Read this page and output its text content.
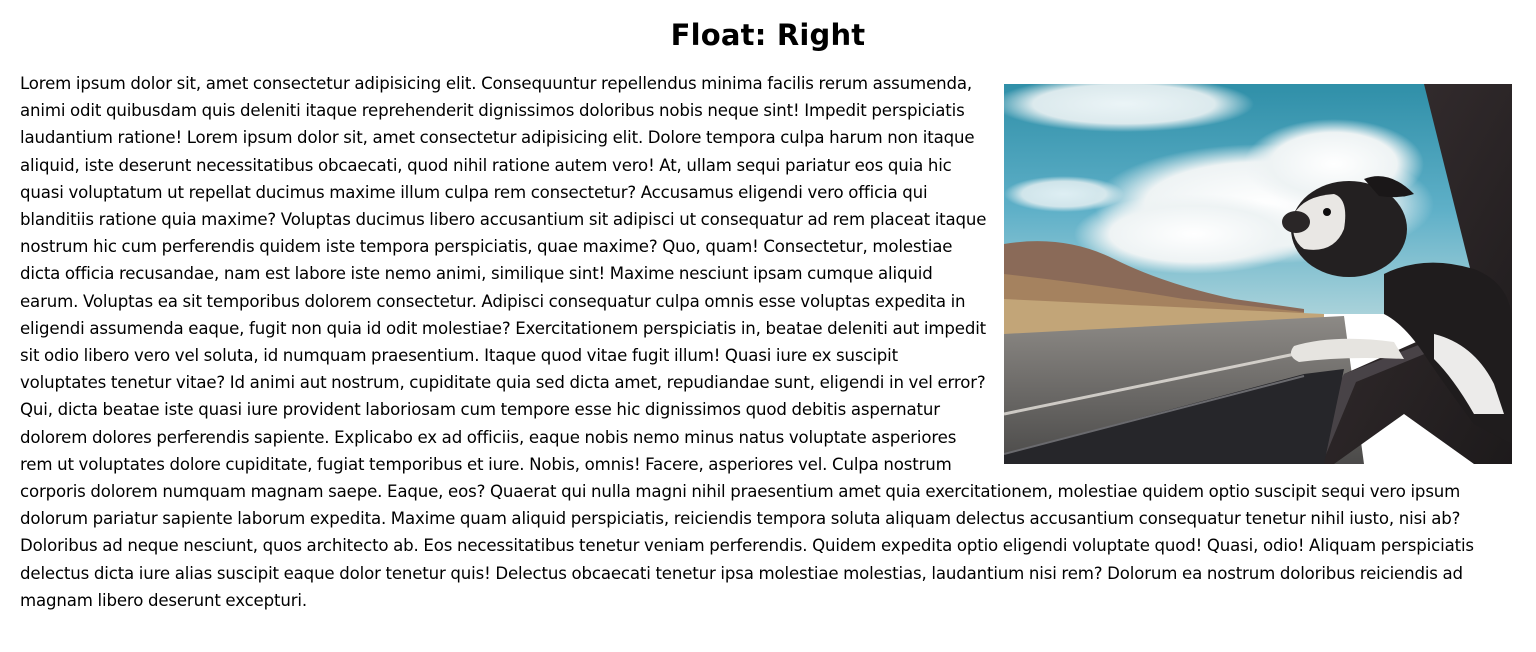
Float: Right
Lorem ipsum dolor sit, amet consectetur adipisicing elit. Consequuntur repellendus minima facilis rerum assumenda, animi odit quibusdam quis deleniti itaque reprehenderit dignissimos doloribus nobis neque sint! Impedit perspiciatis laudantium ratione! Lorem ipsum dolor sit, amet consectetur adipisicing elit. Dolore tempora culpa harum non itaque aliquid, iste deserunt necessitatibus obcaecati, quod nihil ratione autem vero! At, ullam sequi pariatur eos quia hic quasi voluptatum ut repellat ducimus maxime illum culpa rem consectetur? Accusamus eligendi vero officia qui blanditiis ratione quia maxime? Voluptas ducimus libero accusantium sit adipisci ut consequatur ad rem placeat itaque nostrum hic cum perferendis quidem iste tempora perspiciatis, quae maxime? Quo, quam! Consectetur, molestiae dicta officia recusandae, nam est labore iste nemo animi, similique sint! Maxime nesciunt ipsam cumque aliquid earum. Voluptas ea sit temporibus dolorem consectetur. Adipisci consequatur culpa omnis esse voluptas expedita in eligendi assumenda eaque, fugit non quia id odit molestiae? Exercitationem perspiciatis in, beatae deleniti aut impedit sit odio libero vero vel soluta, id numquam praesentium. Itaque quod vitae fugit illum! Quasi iure ex suscipit voluptates tenetur vitae? Id animi aut nostrum, cupiditate quia sed dicta amet, repudiandae sunt, eligendi in vel error? Qui, dicta beatae iste quasi iure provident laboriosam cum tempore esse hic dignissimos quod debitis aspernatur dolorem dolores perferendis sapiente. Explicabo ex ad officiis, eaque nobis nemo minus natus voluptate asperiores rem ut voluptates dolore cupiditate, fugiat temporibus et iure. Nobis, omnis! Facere, asperiores vel. Culpa nostrum corporis dolorem numquam magnam saepe. Eaque, eos? Quaerat qui nulla magni nihil praesentium amet quia exercitationem, molestiae quidem optio suscipit sequi vero ipsum dolorum pariatur sapiente laborum expedita. Maxime quam aliquid perspiciatis, reiciendis tempora soluta aliquam delectus accusantium consequatur tenetur nihil iusto, nisi ab? Doloribus ad neque nesciunt, quos architecto ab. Eos necessitatibus tenetur veniam perferendis. Quidem expedita optio eligendi voluptate quod! Quasi, odio! Aliquam perspiciatis delectus dicta iure alias suscipit eaque dolor tenetur quis! Delectus obcaecati tenetur ipsa molestiae molestias, laudantium nisi rem? Dolorum ea nostrum doloribus reiciendis ad magnam libero deserunt excepturi.
